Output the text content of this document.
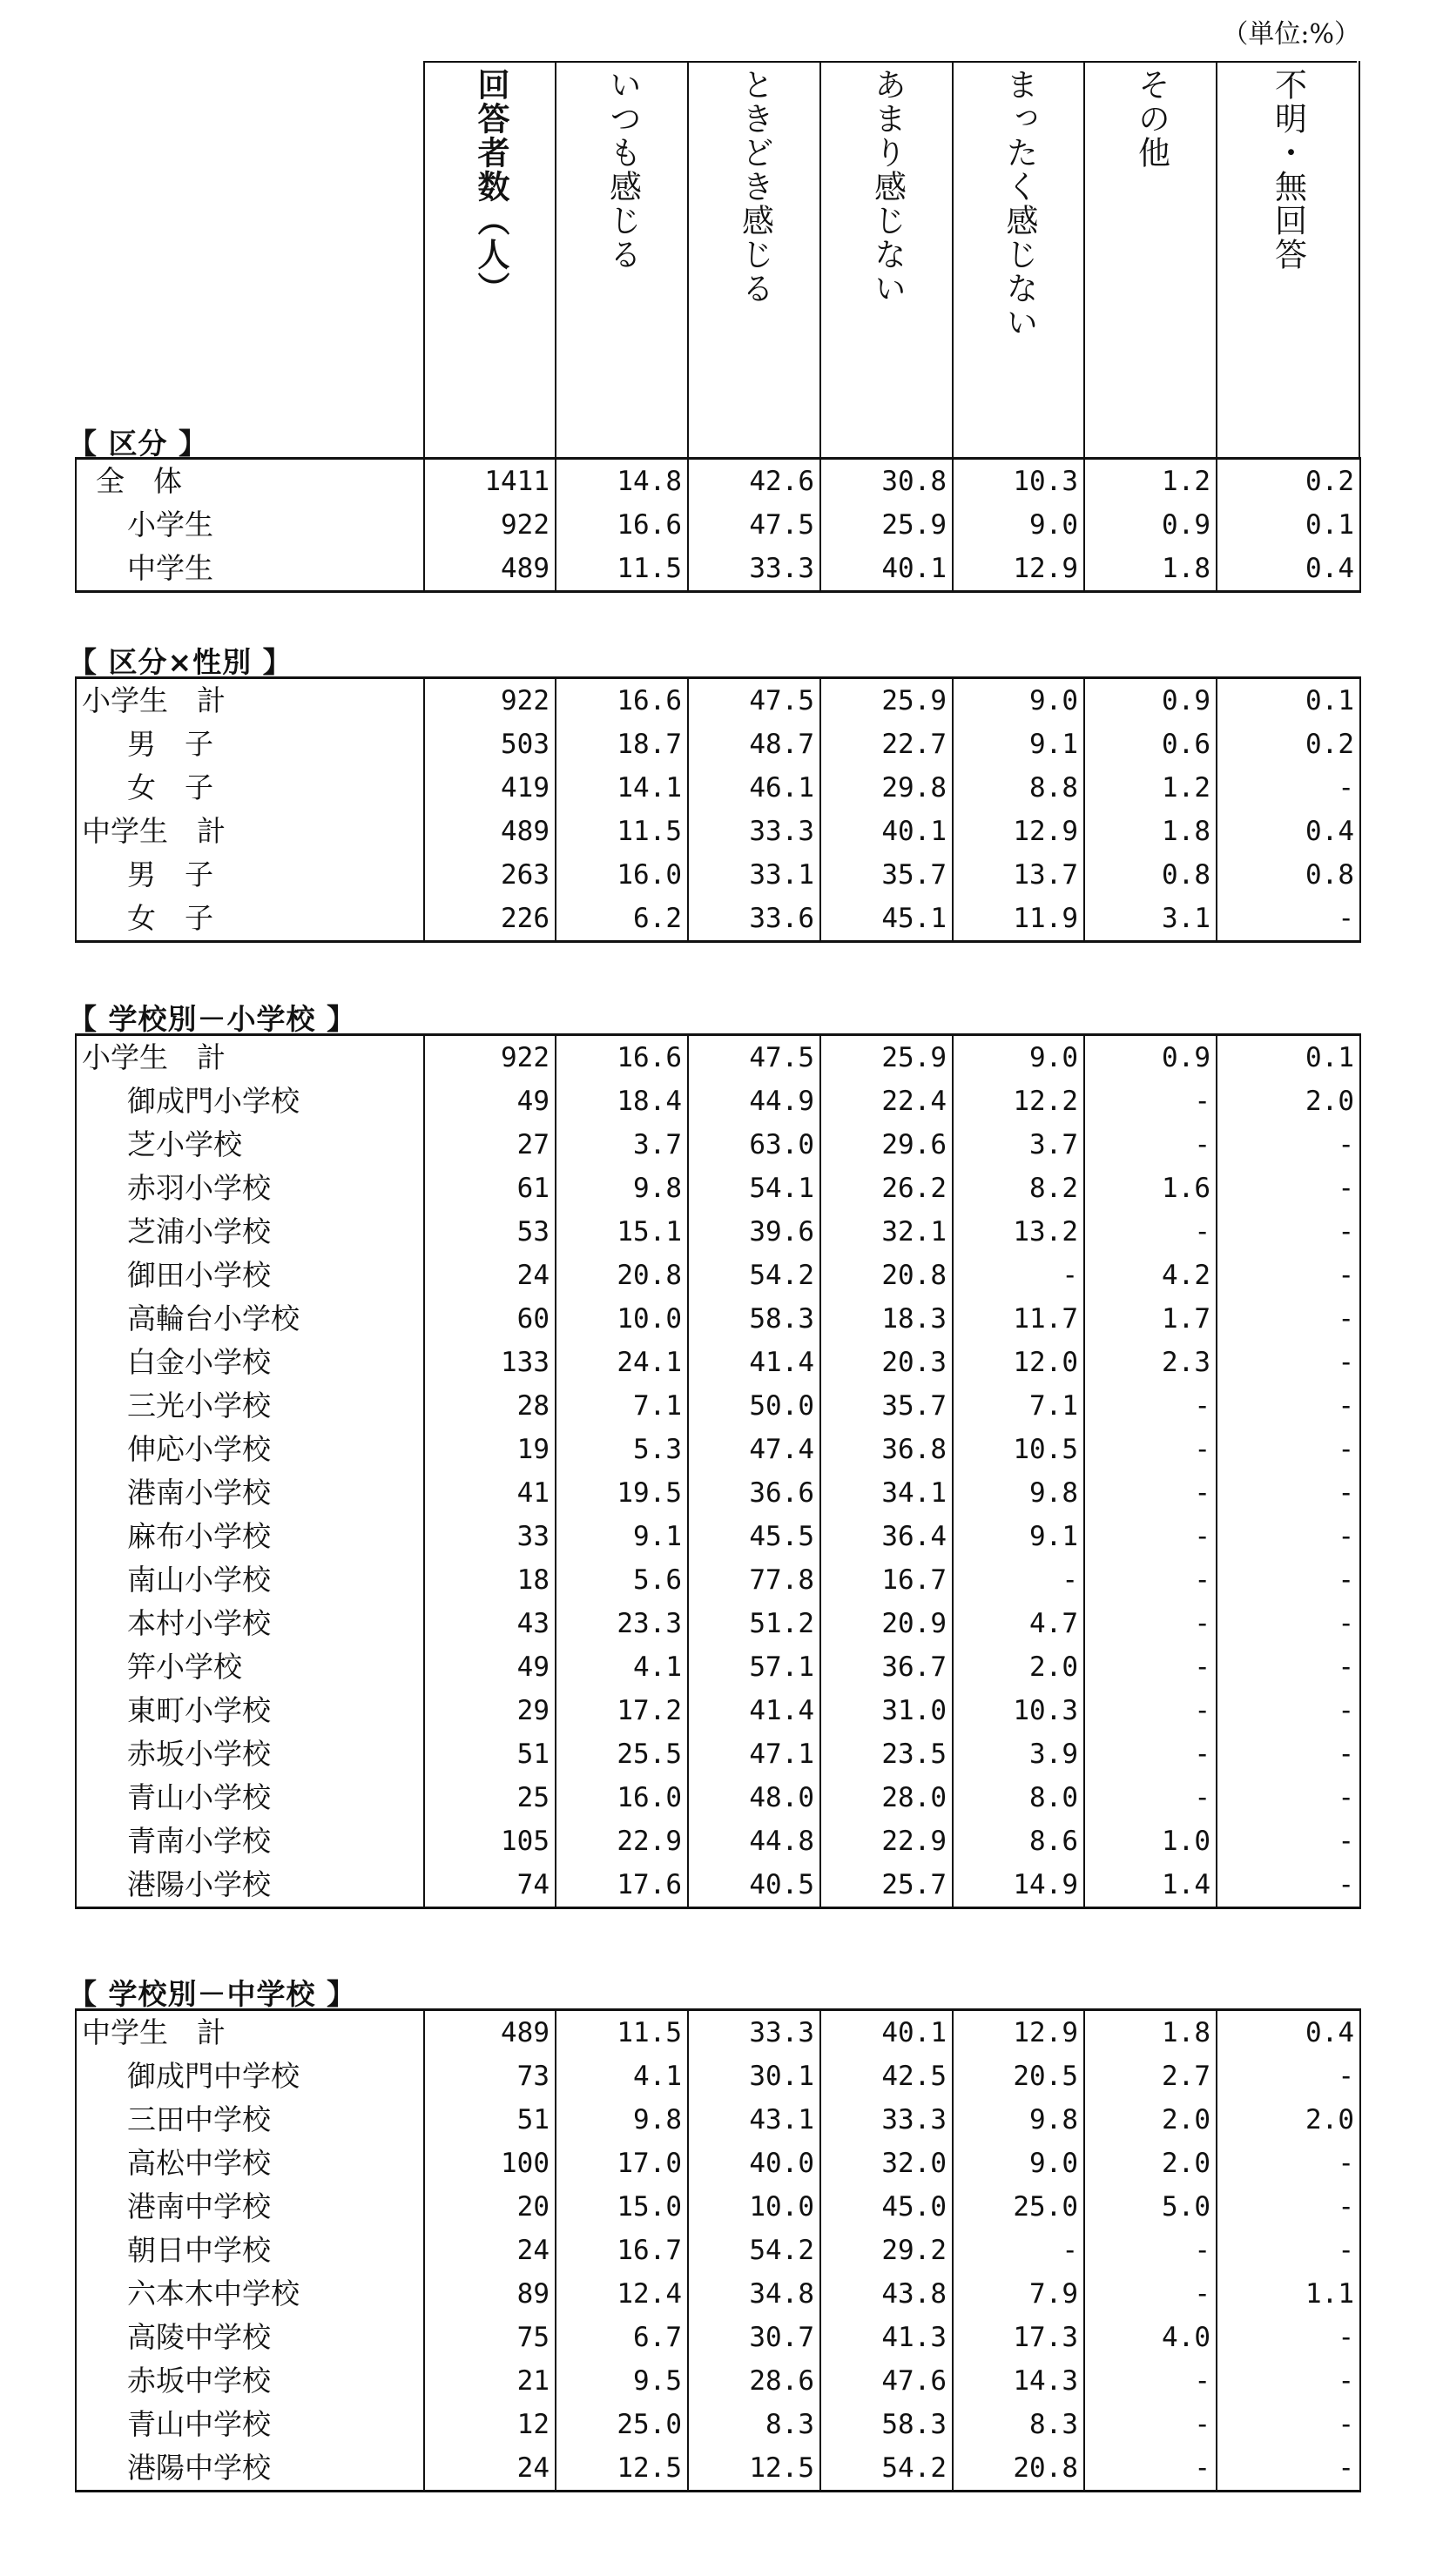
（単位:%）
回答者数（人）	いつも感じる	ときどき感じる	あまり感じない	まったく感じない	その他	不明・無回答
【 区分 】
全　体	1411	14.8	42.6	30.8	10.3	1.2	0.2
小学生	922	16.6	47.5	25.9	9.0	0.9	0.1
中学生	489	11.5	33.3	40.1	12.9	1.8	0.4
【 区分×性別 】
小学生　計	922	16.6	47.5	25.9	9.0	0.9	0.1
男　子	503	18.7	48.7	22.7	9.1	0.6	0.2
女　子	419	14.1	46.1	29.8	8.8	1.2	-
中学生　計	489	11.5	33.3	40.1	12.9	1.8	0.4
男　子	263	16.0	33.1	35.7	13.7	0.8	0.8
女　子	226	6.2	33.6	45.1	11.9	3.1	-
【 学校別－小学校 】
小学生　計	922	16.6	47.5	25.9	9.0	0.9	0.1
御成門小学校	49	18.4	44.9	22.4	12.2	-	2.0
芝小学校	27	3.7	63.0	29.6	3.7	-	-
赤羽小学校	61	9.8	54.1	26.2	8.2	1.6	-
芝浦小学校	53	15.1	39.6	32.1	13.2	-	-
御田小学校	24	20.8	54.2	20.8	-	4.2	-
高輪台小学校	60	10.0	58.3	18.3	11.7	1.7	-
白金小学校	133	24.1	41.4	20.3	12.0	2.3	-
三光小学校	28	7.1	50.0	35.7	7.1	-	-
伸応小学校	19	5.3	47.4	36.8	10.5	-	-
港南小学校	41	19.5	36.6	34.1	9.8	-	-
麻布小学校	33	9.1	45.5	36.4	9.1	-	-
南山小学校	18	5.6	77.8	16.7	-	-	-
本村小学校	43	23.3	51.2	20.9	4.7	-	-
笄小学校	49	4.1	57.1	36.7	2.0	-	-
東町小学校	29	17.2	41.4	31.0	10.3	-	-
赤坂小学校	51	25.5	47.1	23.5	3.9	-	-
青山小学校	25	16.0	48.0	28.0	8.0	-	-
青南小学校	105	22.9	44.8	22.9	8.6	1.0	-
港陽小学校	74	17.6	40.5	25.7	14.9	1.4	-
【 学校別－中学校 】
中学生　計	489	11.5	33.3	40.1	12.9	1.8	0.4
御成門中学校	73	4.1	30.1	42.5	20.5	2.7	-
三田中学校	51	9.8	43.1	33.3	9.8	2.0	2.0
高松中学校	100	17.0	40.0	32.0	9.0	2.0	-
港南中学校	20	15.0	10.0	45.0	25.0	5.0	-
朝日中学校	24	16.7	54.2	29.2	-	-	-
六本木中学校	89	12.4	34.8	43.8	7.9	-	1.1
高陵中学校	75	6.7	30.7	41.3	17.3	4.0	-
赤坂中学校	21	9.5	28.6	47.6	14.3	-	-
青山中学校	12	25.0	8.3	58.3	8.3	-	-
港陽中学校	24	12.5	12.5	54.2	20.8	-	-
